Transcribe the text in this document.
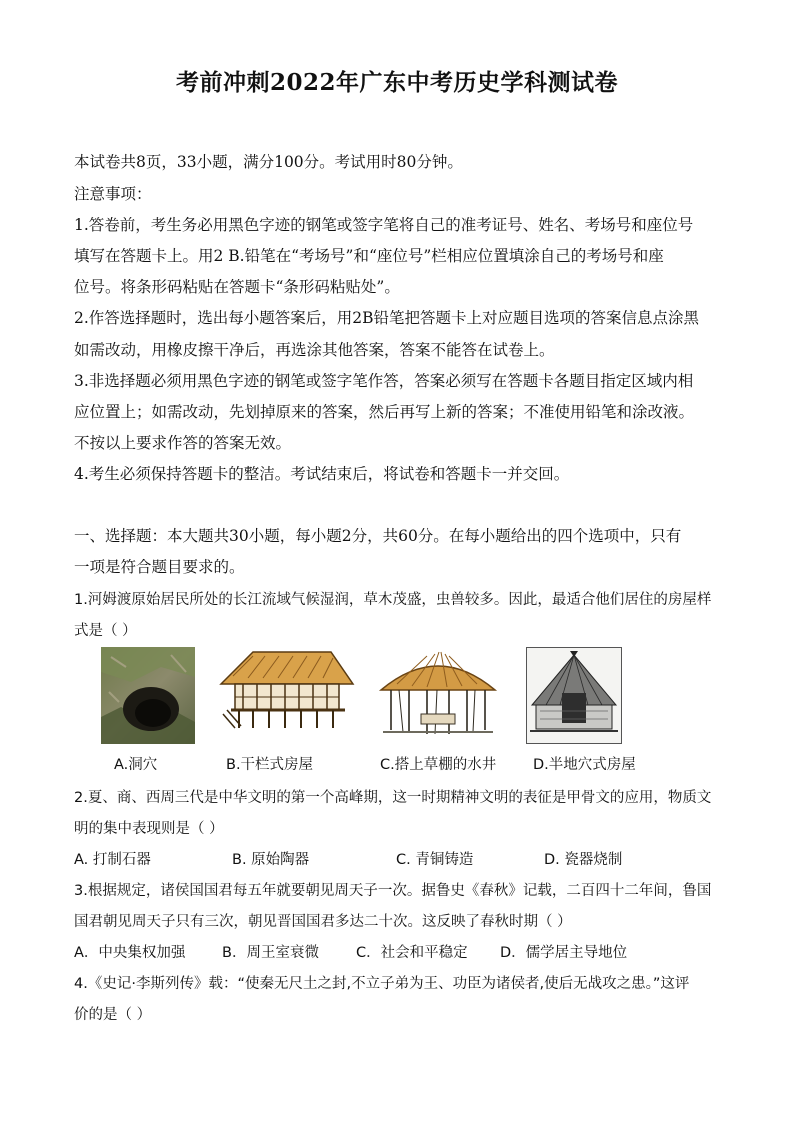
考前冲刺2022年广东中考历史学科测试卷
本试卷共8页，33小题，满分100分。考试用时80分钟。
注意事项：
1.答卷前，考生务必用黑色字迹的钢笔或签字笔将自己的准考证号、姓名、考场号和座位号
填写在答题卡上。用2 B.铅笔在“考场号”和“座位号”栏相应位置填涂自己的考场号和座
位号。将条形码粘贴在答题卡“条形码粘贴处”。
2.作答选择题时，选出每小题答案后，用2B铅笔把答题卡上对应题目选项的答案信息点涂黑
如需改动，用橡皮擦干净后，再选涂其他答案，答案不能答在试卷上。
3.非选择题必须用黑色字迹的钢笔或签字笔作答，答案必须写在答题卡各题目指定区域内相
应位置上；如需改动，先划掉原来的答案，然后再写上新的答案；不准使用铅笔和涂改液。
不按以上要求作答的答案无效。
4.考生必须保持答题卡的整洁。考试结束后，将试卷和答题卡一并交回。
一、选择题：本大题共30小题，每小题2分，共60分。在每小题给出的四个选项中，只有
一项是符合题目要求的。
1.河姆渡原始居民所处的长江流域气候湿润，草木茂盛，虫兽较多。因此，最适合他们居住的房屋样
式是（ ）
A.洞穴	B.干栏式房屋	C.搭上草棚的水井	D.半地穴式房屋
2.夏、商、西周三代是中华文明的第一个高峰期，这一时期精神文明的表征是甲骨文的应用，物质文
明的集中表现则是（ ）
A. 打制石器	B. 原始陶器	C. 青铜铸造	D. 瓷器烧制
3.根据规定，诸侯国国君每五年就要朝见周天子一次。据鲁史《春秋》记载，二百四十二年间，鲁国
国君朝见周天子只有三次，朝见晋国国君多达二十次。这反映了春秋时期（ ）
A．中央集权加强	B．周王室衰微	C．社会和平稳定 D．儒学居主导地位
4.《史记·李斯列传》载：“使秦无尺土之封,不立子弟为王、功臣为诸侯者,使后无战攻之患。”这评
价的是（ ）
